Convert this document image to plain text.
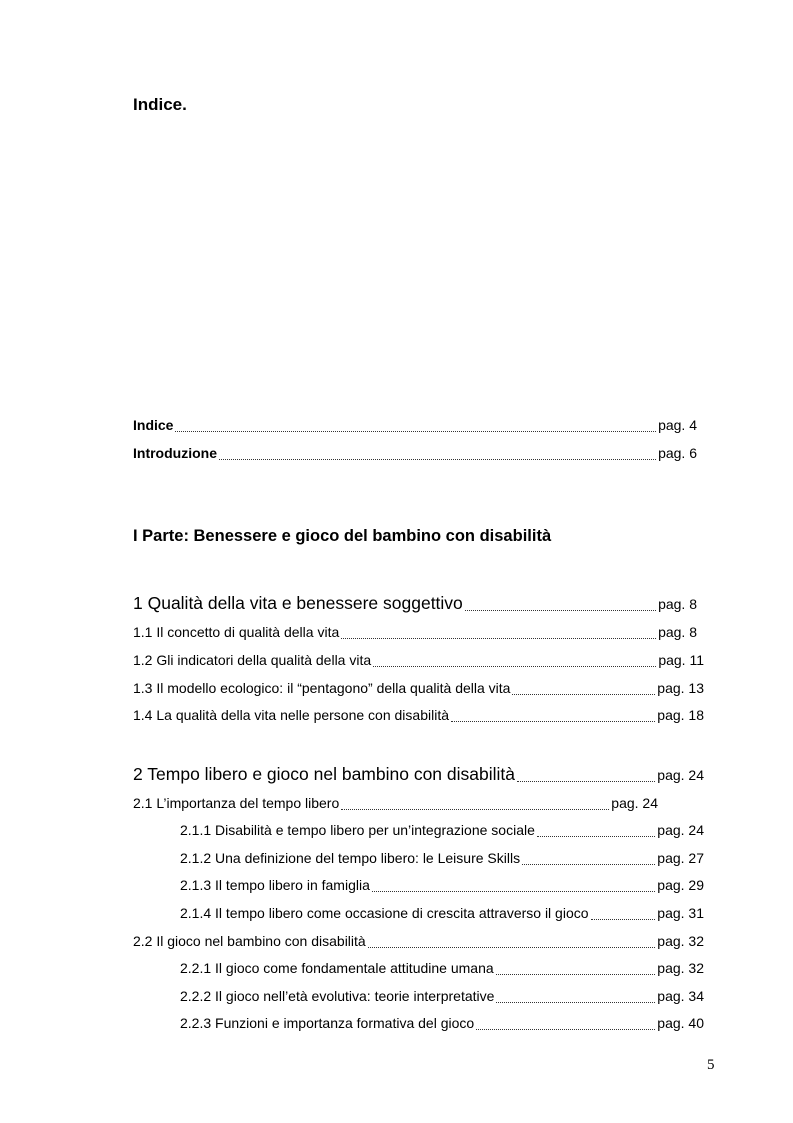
Indice.
Indice	pag. 4
Introduzione	pag. 6
I Parte: Benessere e gioco del bambino con disabilità
1 Qualità della vita e benessere soggettivo	pag. 8
1.1 Il concetto di qualità della vita	pag. 8
1.2 Gli indicatori della qualità della vita	pag. 11
1.3 Il modello ecologico: il “pentagono” della qualità della vita	pag. 13
1.4 La qualità della vita nelle persone con disabilità	pag. 18
2 Tempo libero e gioco nel bambino con disabilità	pag. 24
2.1 L’importanza del tempo libero	pag. 24
2.1.1 Disabilità e tempo libero per un’integrazione sociale	pag. 24
2.1.2 Una definizione del tempo libero: le Leisure Skills	pag. 27
2.1.3 Il tempo libero in famiglia	pag. 29
2.1.4 Il tempo libero come occasione di crescita attraverso il gioco	pag. 31
2.2 Il gioco nel bambino con disabilità	pag. 32
2.2.1 Il gioco come fondamentale attitudine umana	pag. 32
2.2.2 Il gioco nell’età evolutiva: teorie interpretative	pag. 34
2.2.3 Funzioni e importanza formativa del gioco	pag. 40
5
